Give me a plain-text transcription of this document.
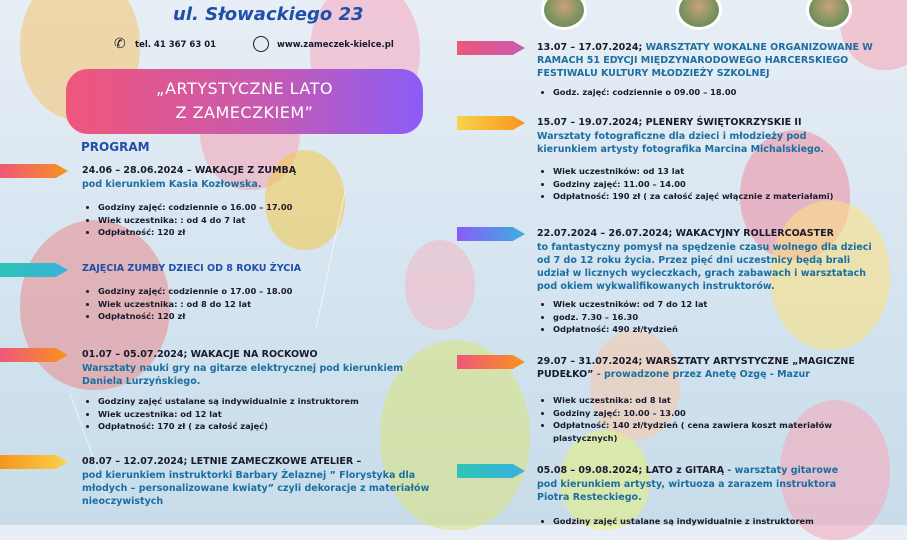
ul. Słowackiego 23
✆ tel. 41 367 63 01	www.zameczek-kielce.pl
„ARTYSTYCZNE LATO
Z ZAMECZKIEM”
PROGRAM
24.06 – 28.06.2024 – WAKACJE Z ZUMBĄ
pod kierunkiem Kasia Kozłowska.
• Godziny zajęć: codziennie o 16.00 – 17.00
• Wiek uczestnika: : od 4 do 7 lat
• Odpłatność: 120 zł
ZAJĘCIA ZUMBY DZIECI OD 8 ROKU ŻYCIA
• Godziny zajęć: codziennie o 17.00 – 18.00
• Wiek uczestnika: : od 8 do 12 lat
• Odpłatność: 120 zł
01.07 – 05.07.2024; WAKACJE NA ROCKOWO
Warsztaty nauki gry na gitarze elektrycznej pod kierunkiem Daniela Lurzyńskiego.
• Godziny zajęć ustalane są indywidualnie z instruktorem
• Wiek uczestnika: od 12 lat
• Odpłatność: 170 zł ( za całość zajęć)
08.07 – 12.07.2024; LETNIE ZAMECZKOWE ATELIER –
pod kierunkiem instruktorki Barbary Żelaznej ” Florystyka dla młodych – personalizowane kwiaty” czyli dekoracje z materiałów nieoczywistych
13.07 – 17.07.2024; WARSZTATY WOKALNE ORGANIZOWANE W RAMACH 51 EDYCJI MIĘDZYNARODOWEGO HARCERSKIEGO FESTIWALU KULTURY MŁODZIEŻY SZKOLNEJ
• Godz. zajęć: codziennie o 09.00 – 18.00
15.07 – 19.07.2024; PLENERY ŚWIĘTOKRZYSKIE II
Warsztaty fotograficzne dla dzieci i młodzieży pod kierunkiem artysty fotografika Marcina Michalskiego.
• Wiek uczestników: od 13 lat
• Godziny zajęć: 11.00 – 14.00
• Odpłatność: 190 zł ( za całość zajęć włącznie z materiałami)
22.07.2024 – 26.07.2024; WAKACYJNY ROLLERCOASTER
to fantastyczny pomysł na spędzenie czasu wolnego dla dzieci od 7 do 12 roku życia. Przez pięć dni uczestnicy będą brali udział w licznych wycieczkach, grach zabawach i warsztatach pod okiem wykwalifikowanych instruktorów.
• Wiek uczestników: od 7 do 12 lat
• godz. 7.30 – 16.30
• Odpłatność: 490 zł/tydzień
29.07 – 31.07.2024; WARSZTATY ARTYSTYCZNE „MAGICZNE PUDEŁKO” - prowadzone przez Anetę Ozgę - Mazur
• Wiek uczestnika: od 8 lat
• Godziny zajęć: 10.00 – 13.00
• Odpłatność: 140 zł/tydzień ( cena zawiera koszt materiałów plastycznych)
05.08 – 09.08.2024; LATO z GITARĄ - warsztaty gitarowe
pod kierunkiem artysty, wirtuoza a zarazem instruktora Piotra Resteckiego.
• Godziny zajęć ustalane są indywidualnie z instruktorem
